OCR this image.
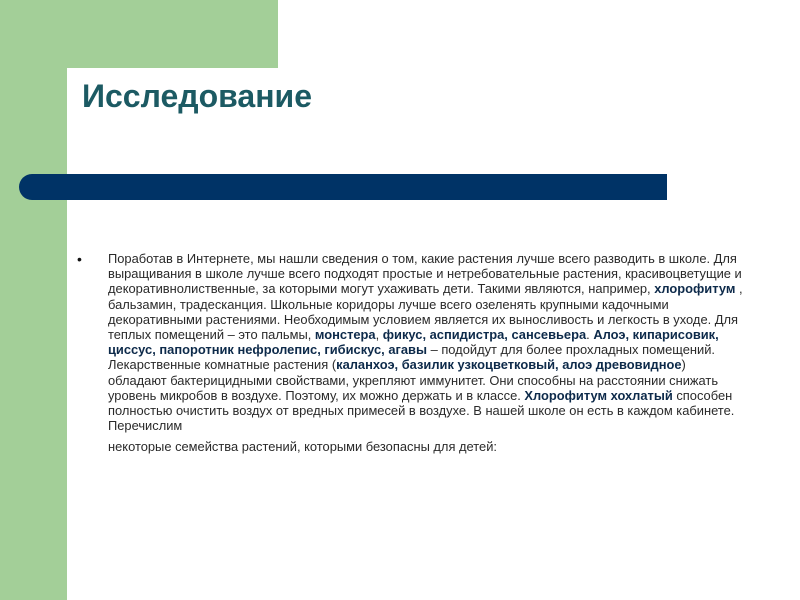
Исследование
• Поработав в Интернете, мы нашли сведения о том, какие растения лучше всего разводить в школе. Для выращивания в школе лучше всего подходят простые и нетребовательные растения, красивоцветущие и декоративнолиственные, за которыми могут ухаживать дети. Такими являются, например, хлорофитум , бальзамин, традесканция. Школьные коридоры лучше всего озеленять крупными кадочными декоративными растениями. Необходимым условием является их выносливость и легкость в уходе. Для теплых помещений – это пальмы, монстера, фикус, аспидистра, сансевьера. Алоэ, кипарисовик, циссус, папоротник нефролепис, гибискус, агавы – подойдут для более прохладных помещений. Лекарственные комнатные растения (каланхоэ, базилик узкоцветковый, алоэ древовидное) обладают бактерицидными свойствами, укрепляют иммунитет. Они способны на расстоянии снижать уровень микробов в воздухе. Поэтому, их можно держать и в классе. Хлорофитум хохлатый способен полностью очистить воздух от вредных примесей в воздухе. В нашей школе он есть в каждом кабинете. Перечислим
некоторые семейства растений, которыми безопасны для детей:
